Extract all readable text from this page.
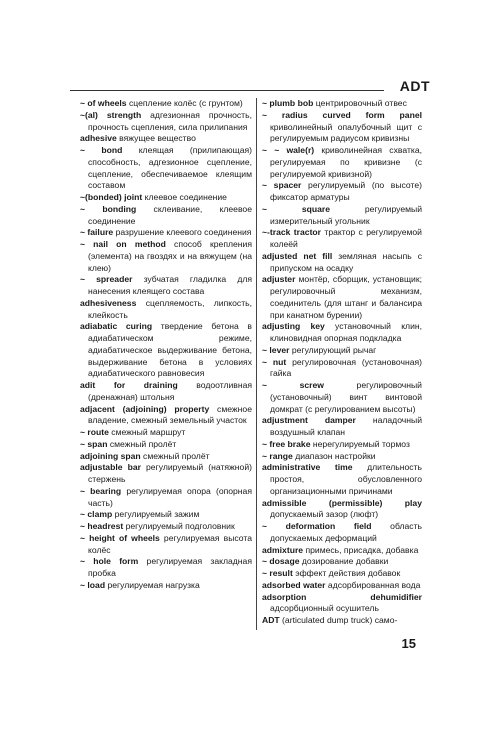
ADT
~ of wheels сцепление колёс (с грунтом)
~(al) strength адгезионная прочность, прочность сцепления, сила прилипания
adhesive вяжущее вещество
~ bond клеящая (прилипающая) способность, адгезионное сцепление, сцепление, обеспечиваемое клеящим составом
~(bonded) joint клеевое соединение
~ bonding склеивание, клеевое соединение
~ failure разрушение клеевого соединения
~ nail on method способ крепления (элемента) на гвоздях и на вяжущем (на клею)
~ spreader зубчатая гладилка для нанесения клеящего состава
adhesiveness сцепляемость, липкость, клейкость
adiabatic curing твердение бетона в адиабатическом режиме, адиабатическое выдерживание бетона, выдерживание бетона в условиях адиабатического равновесия
adit for draining водоотливная (дренажная) штольня
adjacent (adjoining) property смежное владение, смежный земельный участок
~ route смежный маршрут
~ span смежный пролёт
adjoining span смежный пролёт
adjustable bar регулируемый (натяжной) стержень
~ bearing регулируемая опора (опорная часть)
~ clamp регулируемый зажим
~ headrest регулируемый подголовник
~ height of wheels регулируемая высота колёс
~ hole form регулируемая закладная пробка
~ load регулируемая нагрузка
~ plumb bob центрировочный отвес
~ radius curved form panel криволинейный опалубочный щит с регулируемым радиусом кривизны
~ ~ wale(r) криволинейная схватка, регулируемая по кривизне (с регулируемой кривизной)
~ spacer регулируемый (по высоте) фиксатор арматуры
~ square регулируемый измерительный угольник
~-track tractor трактор с регулируемой колеёй
adjusted net fill земляная насыпь с припуском на осадку
adjuster монтёр, сборщик, установщик; регулировочный механизм, соединитель (для штанг и балансира при канатном бурении)
adjusting key установочный клин, клиновидная опорная подкладка
~ lever регулирующий рычаг
~ nut регулировочная (установочная) гайка
~ screw регулировочный (установочный) винт винтовой домкрат (с регулированием высоты)
adjustment damper наладочный воздушный клапан
~ free brake нерегулируемый тормоз
~ range диапазон настройки
administrative time длительность простоя, обусловленного организационными причинами
admissible (permissible) play допускаемый зазор (люфт)
~ deformation field область допускаемых деформаций
admixture примесь, присадка, добавка
~ dosage дозирование добавки
~ result эффект действия добавок
adsorbed water адсорбированная вода
adsorption dehumidifier адсорбционный осушитель
ADT (articulated dump truck) само-
15
